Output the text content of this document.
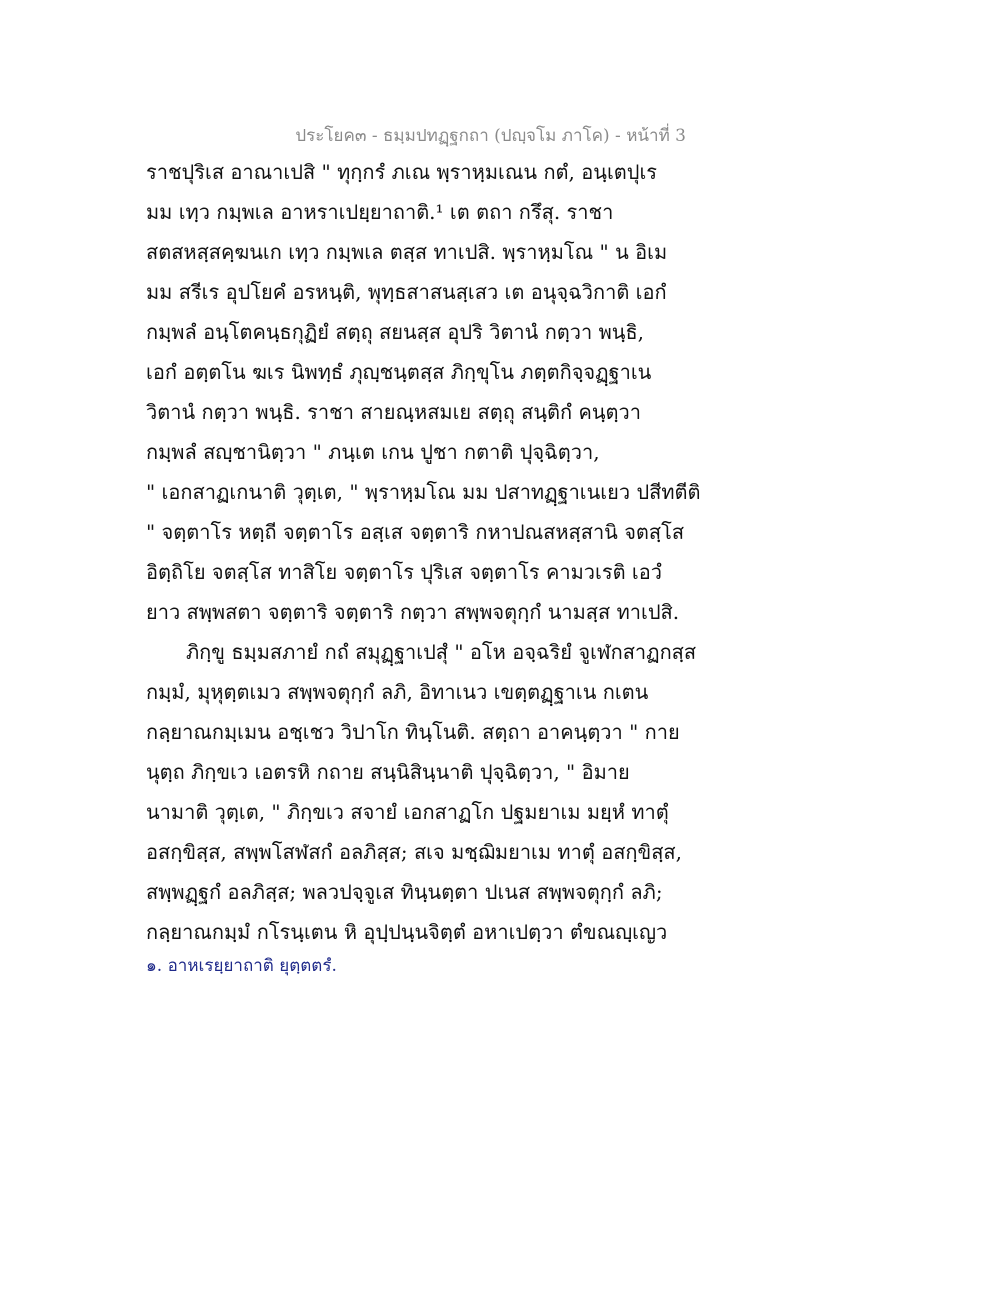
ประโยค๓ - ธมฺมปทฏฺฐกถา (ปญฺจโม ภาโค) - หน้าที่ 3
ราชปุริเส อาณาเปสิ " ทุกฺกรํ ภเณ พฺราหฺมเณน กตํ, อนฺเตปุเร
มม เทฺว กมฺพเล อาหราเปยฺยาถาติ.¹ เต ตถา กรึสุ. ราชา
สตสหสฺสคฺฆนเก เทฺว กมฺพเล ตสฺส ทาเปสิ. พฺราหฺมโณ " น อิเม
มม สรีเร อุปโยคํ อรหนฺติ, พุทฺธสาสนสฺเสว เต อนุจฺฉวิกาติ เอกํ
กมฺพลํ อนฺโตคนฺธกุฏิยํ สตฺถุ สยนสฺส อุปริ วิตานํ กตฺวา พนฺธิ,
เอกํ อตฺตโน ฆเร นิพทฺธํ ภุญฺชนฺตสฺส ภิกฺขุโน ภตฺตกิจฺจฏฺฐาเน
วิตานํ กตฺวา พนฺธิ. ราชา สายณฺหสมเย สตฺถุ สนฺติกํ คนฺตฺวา
กมฺพลํ สญฺชานิตฺวา " ภนฺเต เกน ปูชา กตาติ ปุจฺฉิตฺวา,
" เอกสาฏเกนาติ วุตฺเต, " พฺราหฺมโณ มม ปสาทฏฺฐาเนเยว ปสีทตีติ
" จตฺตาโร หตฺถี จตฺตาโร อสฺเส จตฺตาริ กหาปณสหสฺสานิ จตสฺโส
อิตฺถิโย จตสฺโส ทาสิโย จตฺตาโร ปุริเส จตฺตาโร คามวเรติ เอวํ
ยาว สพฺพสตา จตฺตาริ จตฺตาริ กตฺวา สพฺพจตุกฺกํ นามสฺส ทาเปสิ.
ภิกฺขู ธมฺมสภายํ กถํ สมุฏฺฐาเปสุํ " อโห อจฺฉริยํ จูเฬกสาฏกสฺส
กมฺมํ, มุหุตฺตเมว สพฺพจตุกฺกํ ลภิ, อิทาเนว เขตฺตฏฺฐาเน กเตน
กลฺยาณกมฺเมน อชฺเชว วิปาโก ทินฺโนติ. สตฺถา อาคนฺตฺวา " กาย
นุตฺถ ภิกฺขเว เอตรหิ กถาย สนฺนิสินฺนาติ ปุจฺฉิตฺวา, " อิมาย
นามาติ วุตฺเต, " ภิกฺขเว สจายํ เอกสาฏโก ปฐมยาเม มยฺหํ ทาตุํ
อสกฺขิสฺส, สพฺพโสฬสกํ อลภิสฺส; สเจ มชฺฌิมยาเม ทาตุํ อสกฺขิสฺส,
สพฺพฏฺฐกํ อลภิสฺส; พลวปจฺจูเส ทินฺนตฺตา ปเนส สพฺพจตุกฺกํ ลภิ;
กลฺยาณกมฺมํ กโรนฺเตน หิ อุปฺปนฺนจิตฺตํ อหาเปตฺวา ตํขณญฺเญว
๑. อาหเรยฺยาถาติ ยุตฺตตรํ.
